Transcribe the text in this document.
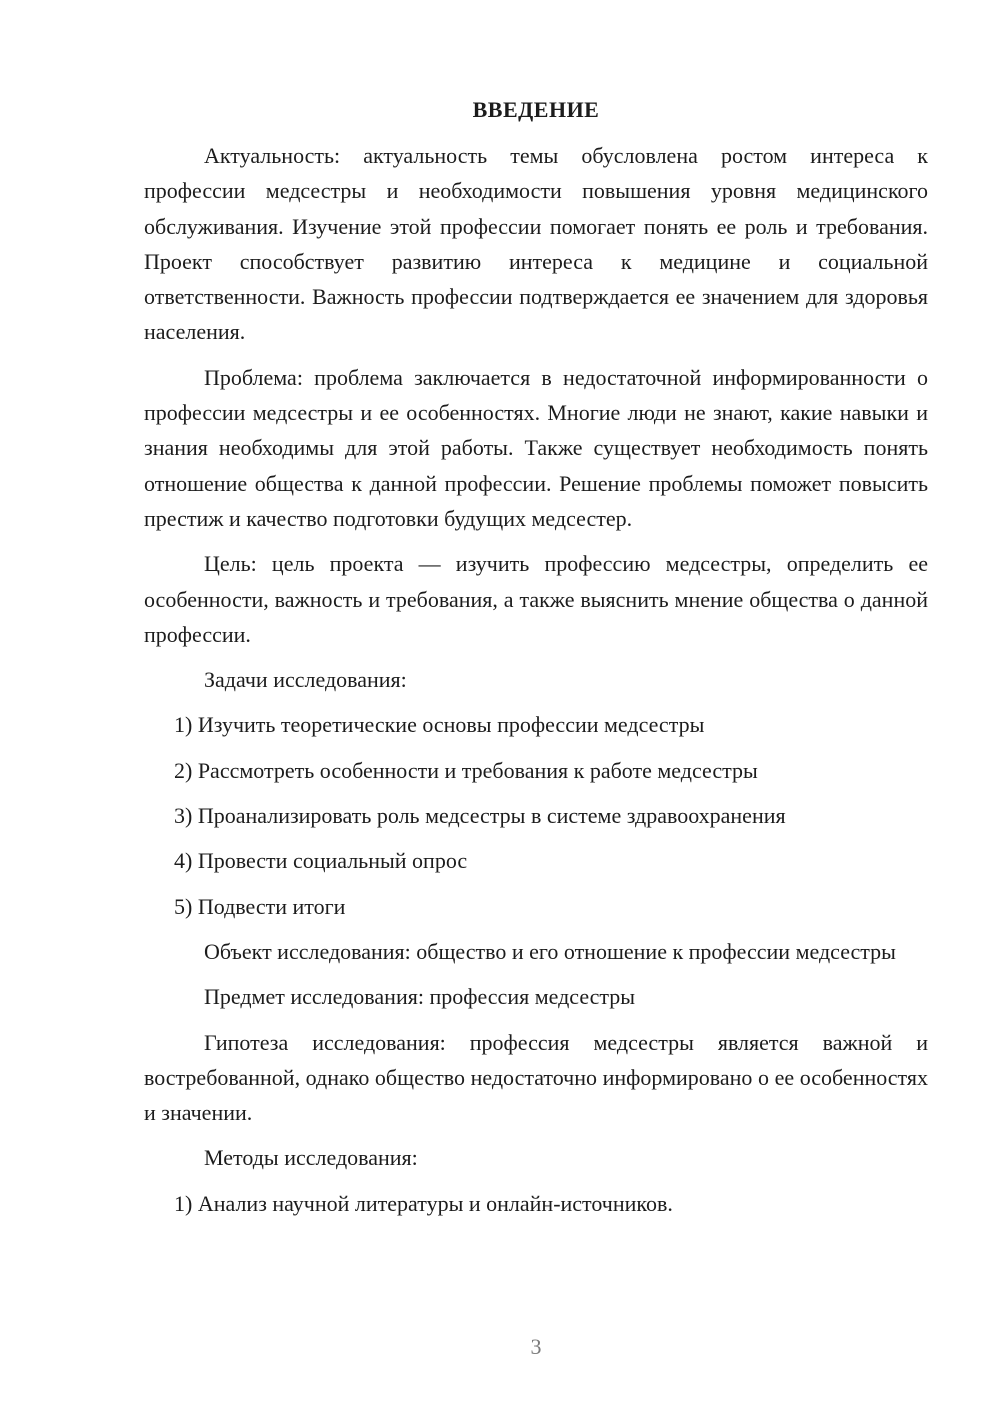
ВВЕДЕНИЕ

Актуальность: актуальность темы обусловлена ростом интереса к профессии медсестры и необходимости повышения уровня медицинского обслуживания. Изучение этой профессии помогает понять ее роль и требования. Проект способствует развитию интереса к медицине и социальной ответственности. Важность профессии подтверждается ее значением для здоровья населения.

Проблема: проблема заключается в недостаточной информированности о профессии медсестры и ее особенностях. Многие люди не знают, какие навыки и знания необходимы для этой работы. Также существует необходимость понять отношение общества к данной профессии. Решение проблемы поможет повысить престиж и качество подготовки будущих медсестер.

Цель: цель проекта — изучить профессию медсестры, определить ее особенности, важность и требования, а также выяснить мнение общества о данной профессии.

Задачи исследования:

1) Изучить теоретические основы профессии медсестры
2) Рассмотреть особенности и требования к работе медсестры
3) Проанализировать роль медсестры в системе здравоохранения
4) Провести социальный опрос
5) Подвести итоги

Объект исследования: общество и его отношение к профессии медсестры

Предмет исследования: профессия медсестры

Гипотеза исследования: профессия медсестры является важной и востребованной, однако общество недостаточно информировано о ее особенностях и значении.

Методы исследования:

1) Анализ научной литературы и онлайн-источников.
3
